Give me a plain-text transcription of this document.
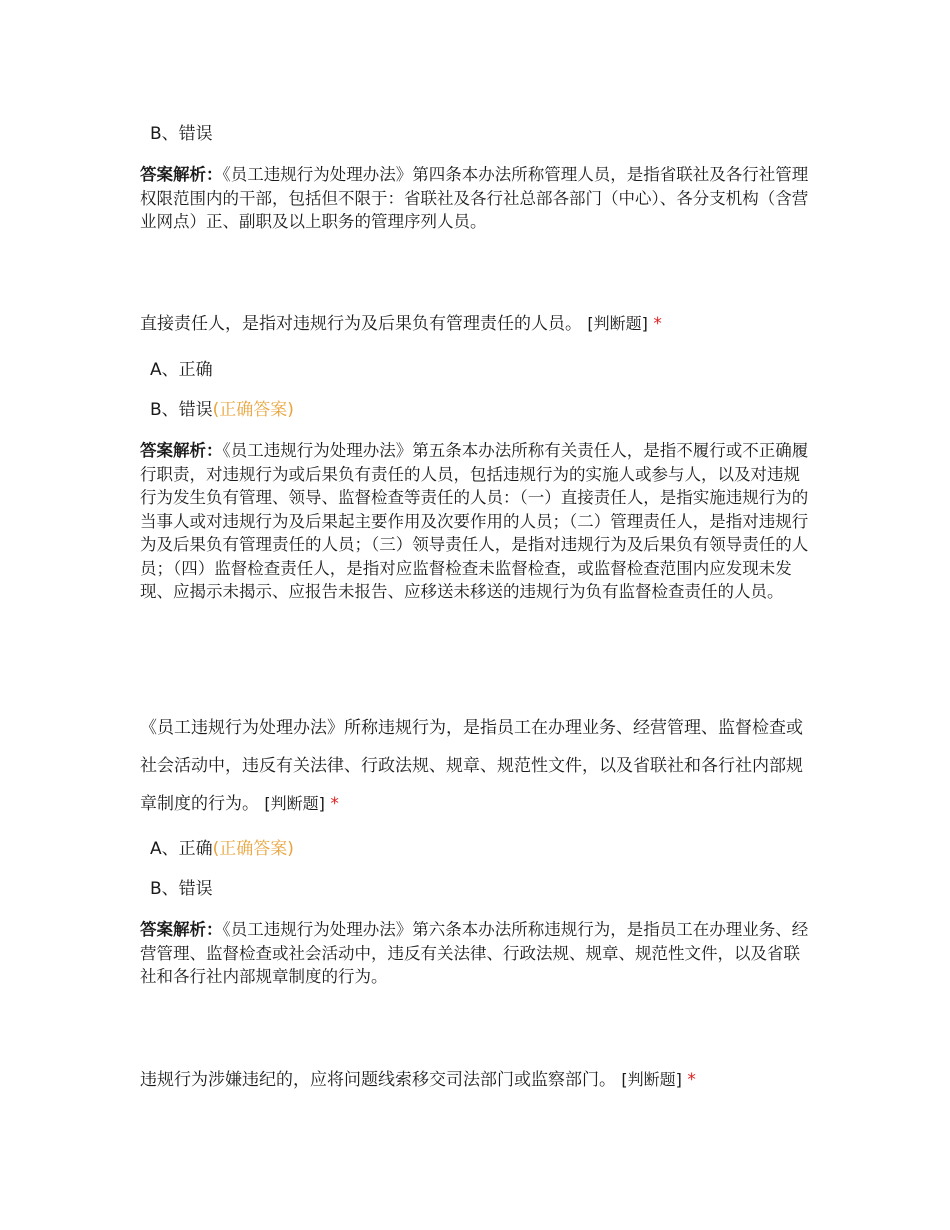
B、错误
答案解析：《员工违规行为处理办法》第四条本办法所称管理人员，是指省联社及各行社管理权限范围内的干部，包括但不限于：省联社及各行社总部各部门（中心）、各分支机构（含营业网点）正、副职及以上职务的管理序列人员。
直接责任人，是指对违规行为及后果负有管理责任的人员。 [判断题] *
A、正确
B、错误(正确答案)
答案解析：《员工违规行为处理办法》第五条本办法所称有关责任人，是指不履行或不正确履行职责，对违规行为或后果负有责任的人员，包括违规行为的实施人或参与人，以及对违规行为发生负有管理、领导、监督检查等责任的人员：（一）直接责任人，是指实施违规行为的当事人或对违规行为及后果起主要作用及次要作用的人员；（二）管理责任人，是指对违规行为及后果负有管理责任的人员；（三）领导责任人，是指对违规行为及后果负有领导责任的人员；（四）监督检查责任人，是指对应监督检查未监督检查，或监督检查范围内应发现未发现、应揭示未揭示、应报告未报告、应移送未移送的违规行为负有监督检查责任的人员。
《员工违规行为处理办法》所称违规行为，是指员工在办理业务、经营管理、监督检查或社会活动中，违反有关法律、行政法规、规章、规范性文件，以及省联社和各行社内部规章制度的行为。 [判断题] *
A、正确(正确答案)
B、错误
答案解析：《员工违规行为处理办法》第六条本办法所称违规行为，是指员工在办理业务、经营管理、监督检查或社会活动中，违反有关法律、行政法规、规章、规范性文件，以及省联社和各行社内部规章制度的行为。
违规行为涉嫌违纪的，应将问题线索移交司法部门或监察部门。 [判断题] *
